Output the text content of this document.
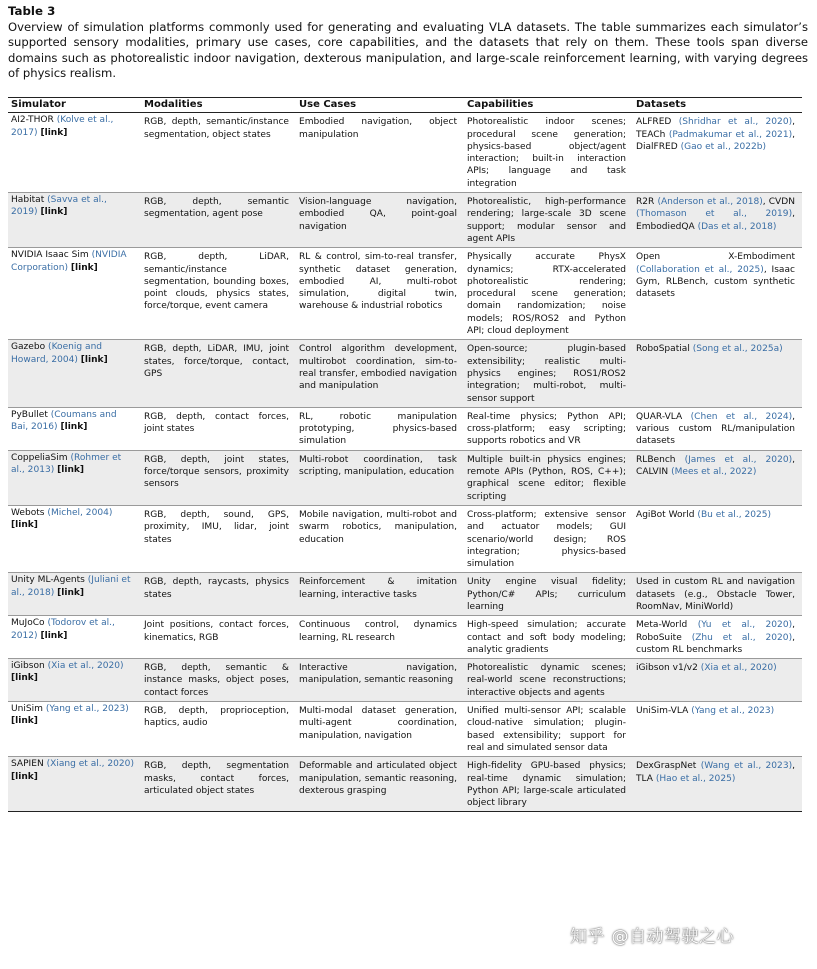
Table 3

Overview of simulation platforms commonly used for generating and evaluating VLA datasets. The table summarizes each simulator’s supported sensory modalities, primary use cases, core capabilities, and the datasets that rely on them. These tools span diverse domains such as photorealistic indoor navigation, dexterous manipulation, and large-scale reinforcement learning, with varying degrees of physics realism.

Simulator	Modalities	Use Cases	Capabilities	Datasets
AI2-THOR (Kolve et al., 2017) [link]	RGB, depth, semantic/instance segmentation, object states	Embodied navigation, object manipulation	Photorealistic indoor scenes; procedural scene generation; physics-based object/agent interaction; built-in interaction APIs; language and task integration	ALFRED (Shridhar et al., 2020), TEACh (Padmakumar et al., 2021), DialFRED (Gao et al., 2022b)
Habitat (Savva et al., 2019) [link]	RGB, depth, semantic segmentation, agent pose	Vision-language navigation, embodied QA, point-goal navigation	Photorealistic, high-performance rendering; large-scale 3D scene support; modular sensor and agent APIs	R2R (Anderson et al., 2018), CVDN (Thomason et al., 2019), EmbodiedQA (Das et al., 2018)
NVIDIA Isaac Sim (NVIDIA Corporation) [link]	RGB, depth, LiDAR, semantic/instance segmentation, bounding boxes, point clouds, physics states, force/torque, event camera	RL & control, sim-to-real transfer, synthetic dataset generation, embodied AI, multi-robot simulation, digital twin, warehouse & industrial robotics	Physically accurate PhysX dynamics; RTX-accelerated photorealistic rendering; procedural scene generation; domain randomization; noise models; ROS/ROS2 and Python API; cloud deployment	Open X-Embodiment (Collaboration et al., 2025), Isaac Gym, RLBench, custom synthetic datasets
Gazebo (Koenig and Howard, 2004) [link]	RGB, depth, LiDAR, IMU, joint states, force/torque, contact, GPS	Control algorithm development, multirobot coordination, sim-to-real transfer, embodied navigation and manipulation	Open-source; plugin-based extensibility; realistic multi-physics engines; ROS1/ROS2 integration; multi-robot, multi-sensor support	RoboSpatial (Song et al., 2025a)
PyBullet (Coumans and Bai, 2016) [link]	RGB, depth, contact forces, joint states	RL, robotic manipulation prototyping, physics-based simulation	Real-time physics; Python API; cross-platform; easy scripting; supports robotics and VR	QUAR-VLA (Chen et al., 2024), various custom RL/manipulation datasets
CoppeliaSim (Rohmer et al., 2013) [link]	RGB, depth, joint states, force/torque sensors, proximity sensors	Multi-robot coordination, task scripting, manipulation, education	Multiple built-in physics engines; remote APIs (Python, ROS, C++); graphical scene editor; flexible scripting	RLBench (James et al., 2020), CALVIN (Mees et al., 2022)
Webots (Michel, 2004) [link]	RGB, depth, sound, GPS, proximity, IMU, lidar, joint states	Mobile navigation, multi-robot and swarm robotics, manipulation, education	Cross-platform; extensive sensor and actuator models; GUI scenario/world design; ROS integration; physics-based simulation	AgiBot World (Bu et al., 2025)
Unity ML-Agents (Juliani et al., 2018) [link]	RGB, depth, raycasts, physics states	Reinforcement & imitation learning, interactive tasks	Unity engine visual fidelity; Python/C# APIs; curriculum learning	Used in custom RL and navigation datasets (e.g., Obstacle Tower, RoomNav, MiniWorld)
MuJoCo (Todorov et al., 2012) [link]	Joint positions, contact forces, kinematics, RGB	Continuous control, dynamics learning, RL research	High-speed simulation; accurate contact and soft body modeling; analytic gradients	Meta-World (Yu et al., 2020), RoboSuite (Zhu et al., 2020), custom RL benchmarks
iGibson (Xia et al., 2020) [link]	RGB, depth, semantic & instance masks, object poses, contact forces	Interactive navigation, manipulation, semantic reasoning	Photorealistic dynamic scenes; real-world scene reconstructions; interactive objects and agents	iGibson v1/v2 (Xia et al., 2020)
UniSim (Yang et al., 2023) [link]	RGB, depth, proprioception, haptics, audio	Multi-modal dataset generation, multi-agent coordination, manipulation, navigation	Unified multi-sensor API; scalable cloud-native simulation; plugin-based extensibility; support for real and simulated sensor data	UniSim-VLA (Yang et al., 2023)
SAPIEN (Xiang et al., 2020) [link]	RGB, depth, segmentation masks, contact forces, articulated object states	Deformable and articulated object manipulation, semantic reasoning, dexterous grasping	High-fidelity GPU-based physics; real-time dynamic simulation; Python API; large-scale articulated object library	DexGraspNet (Wang et al., 2023), TLA (Hao et al., 2025)
知乎 @自动驾驶之心
